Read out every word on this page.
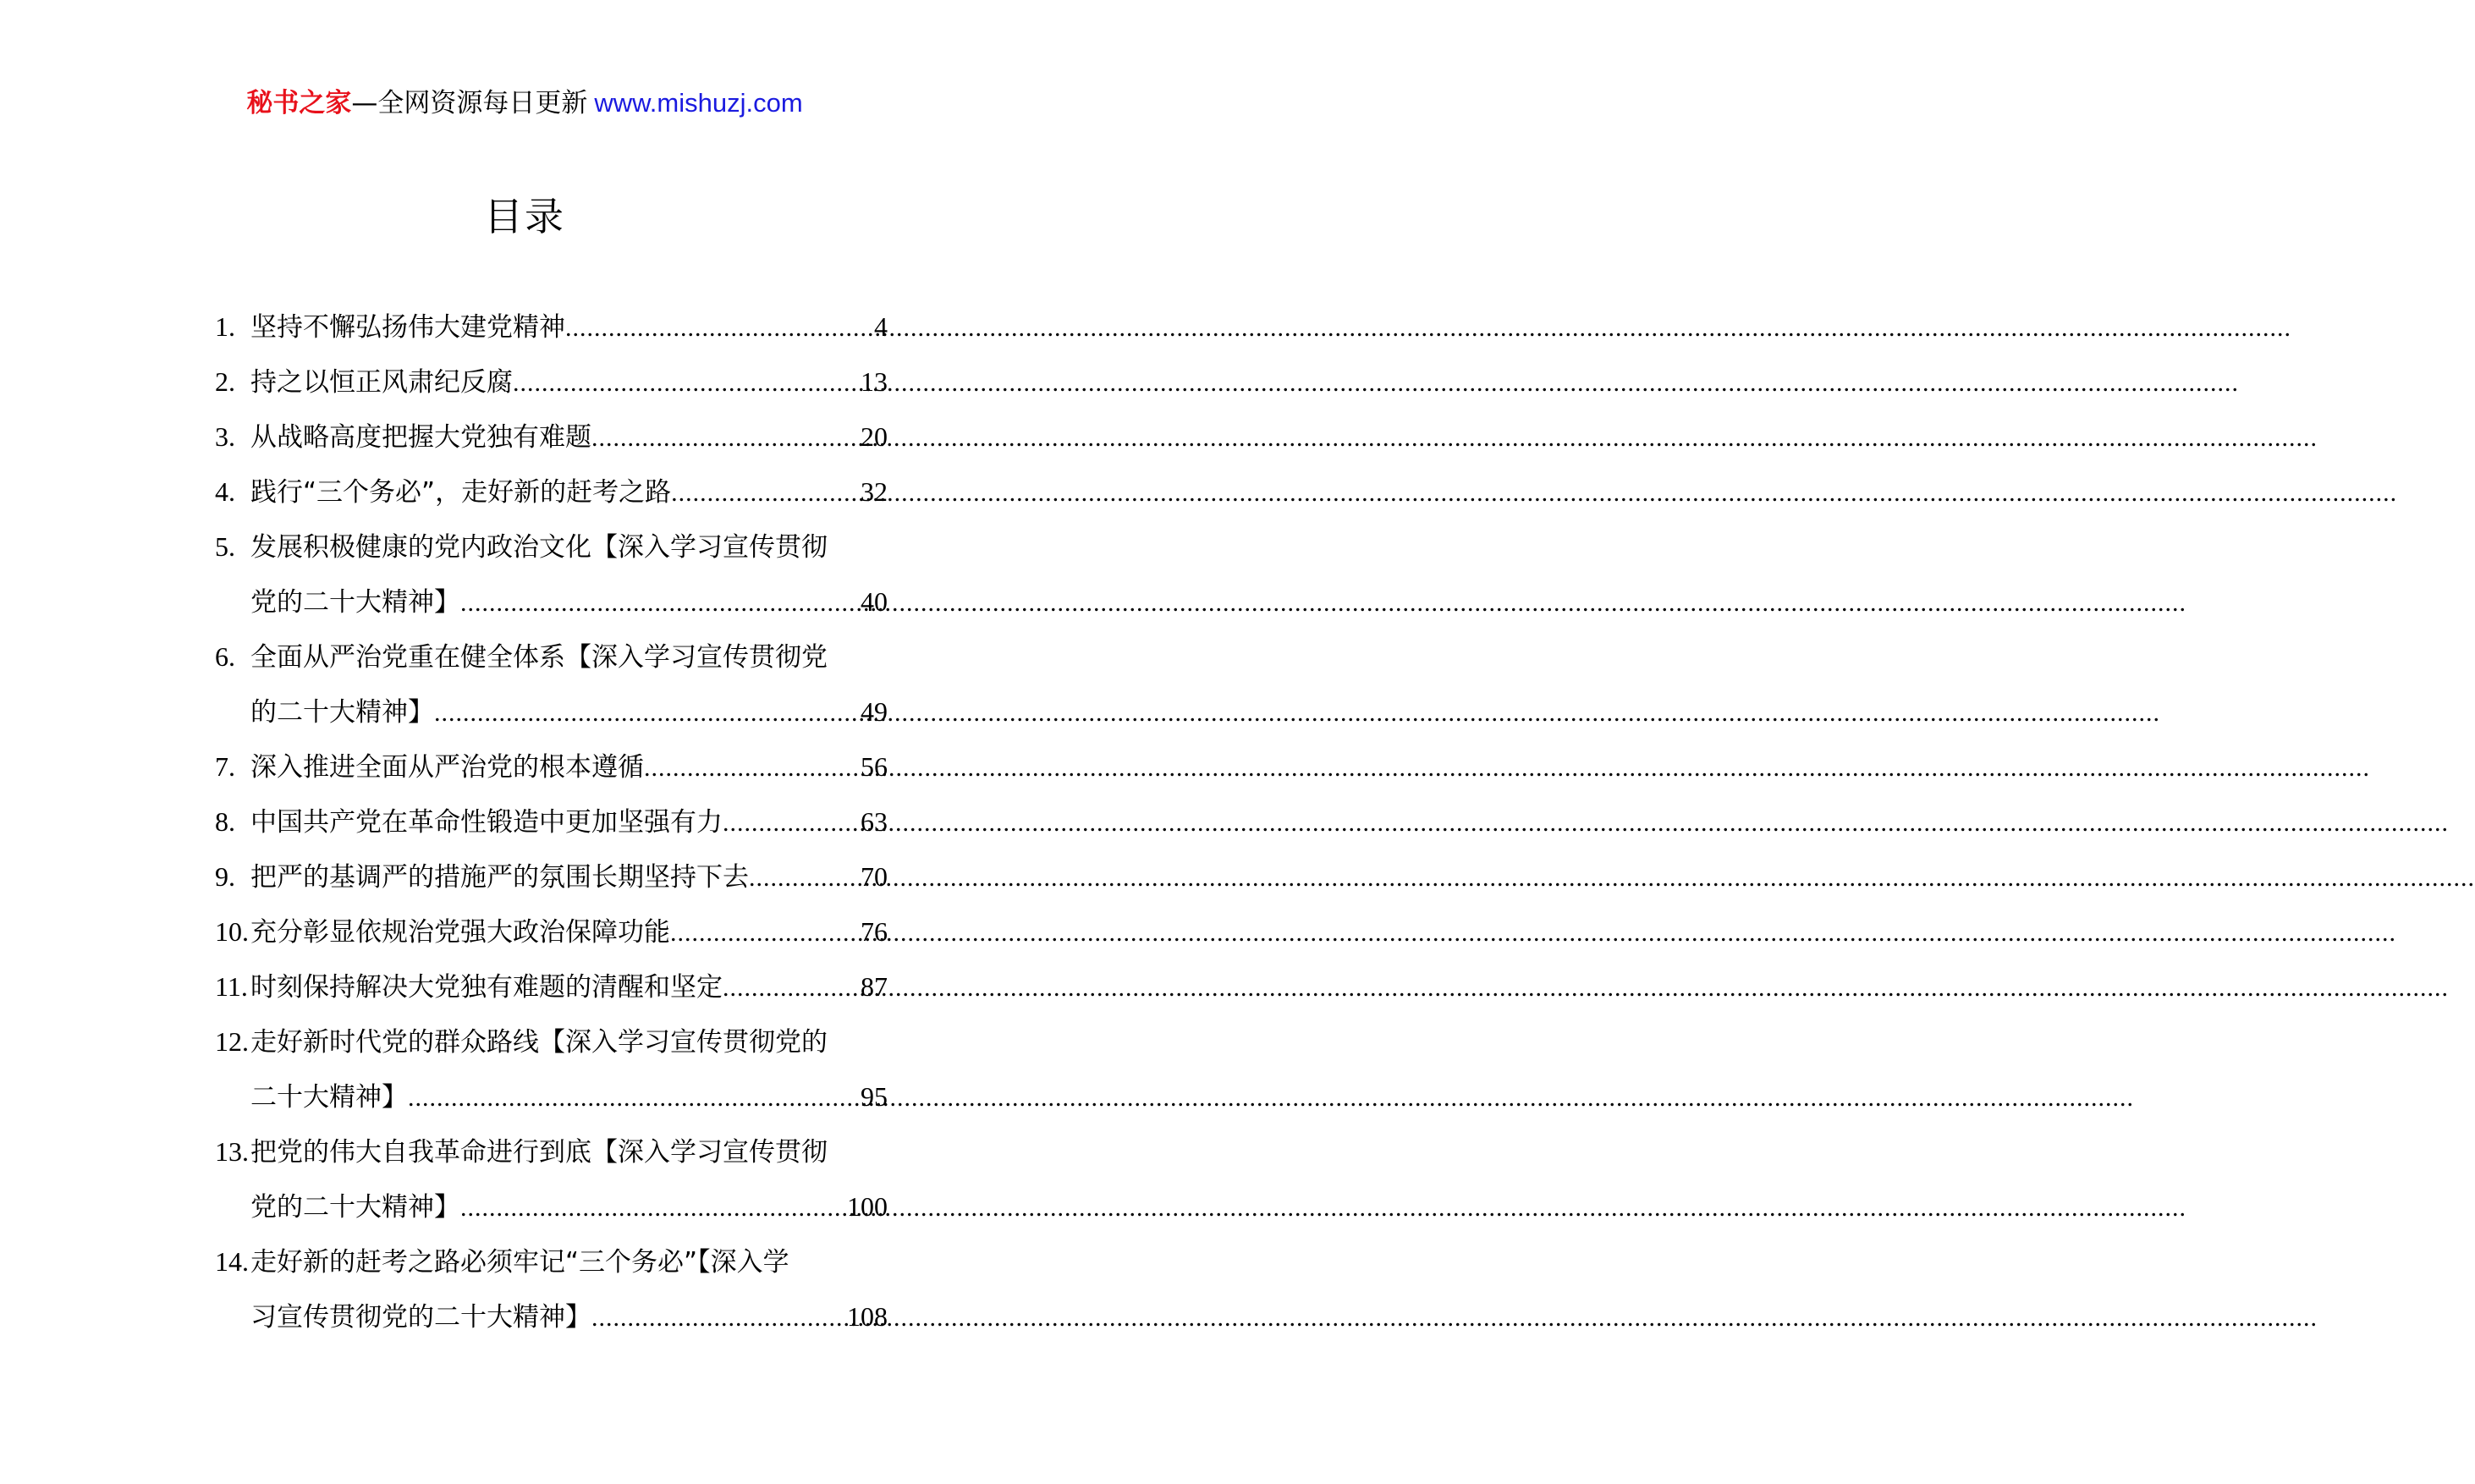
秘书之家—全网资源每日更新 www.mishuzj.com
目录
1. 坚持不懈弘扬伟大建党精神 .....	4
2. 持之以恒正风肃纪反腐 .....	13
3. 从战略高度把握大党独有难题 .....	20
4. 践行“三个务必”，走好新的赶考之路 .....	32
5. 发展积极健康的党内政治文化【深入学习宣传贯彻
党的二十大精神】 .....	40
6. 全面从严治党重在健全体系【深入学习宣传贯彻党
的二十大精神】 .....	49
7. 深入推进全面从严治党的根本遵循 .....	56
8. 中国共产党在革命性锻造中更加坚强有力 .....	63
9. 把严的基调严的措施严的氛围长期坚持下去 .....	70
10. 充分彰显依规治党强大政治保障功能 .....	76
11. 时刻保持解决大党独有难题的清醒和坚定 .....	87
12. 走好新时代党的群众路线【深入学习宣传贯彻党的
二十大精神】 .....	95
13. 把党的伟大自我革命进行到底【深入学习宣传贯彻
党的二十大精神】 .....	100
14. 走好新的赶考之路必须牢记“三个务必”【深入学
习宣传贯彻党的二十大精神】 .....	108
